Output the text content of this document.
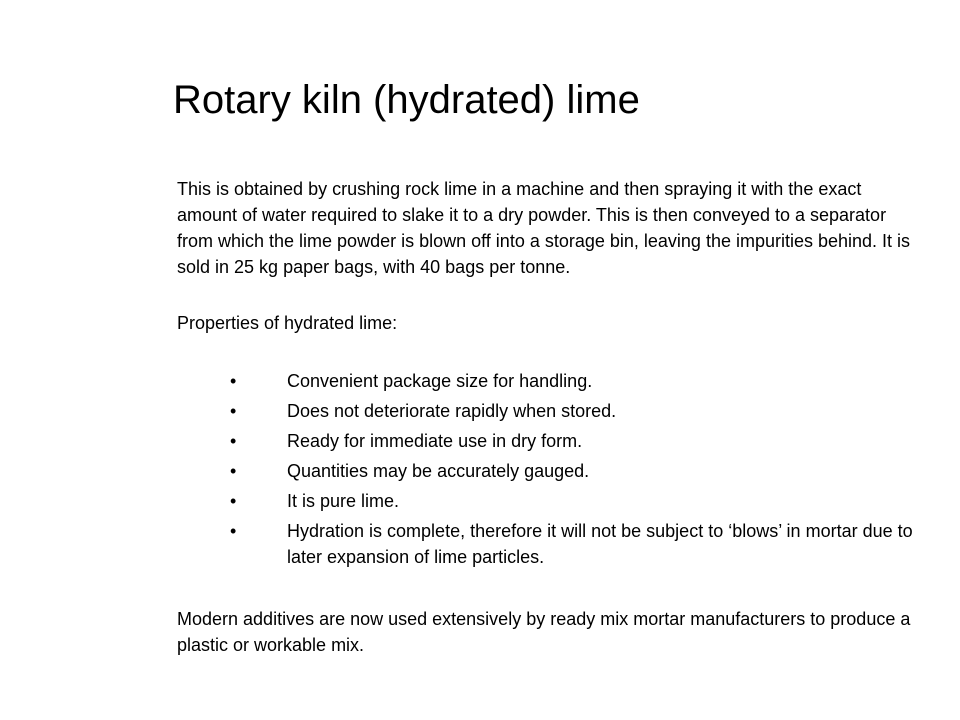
Rotary kiln (hydrated) lime

This is obtained by crushing rock lime in a machine and then spraying it with the exact amount of water required to slake it to a dry powder. This is then conveyed to a separator from which the lime powder is blown off into a storage bin, leaving the impurities behind. It is sold in 25 kg paper bags, with 40 bags per tonne.

Properties of hydrated lime:

•	Convenient package size for handling.
•	Does not deteriorate rapidly when stored.
•	Ready for immediate use in dry form.
•	Quantities may be accurately gauged.
•	It is pure lime.
•	Hydration is complete, therefore it will not be subject to ‘blows’ in mortar due to later expansion of lime particles.

Modern additives are now used extensively by ready mix mortar manufacturers to produce a plastic or workable mix.
